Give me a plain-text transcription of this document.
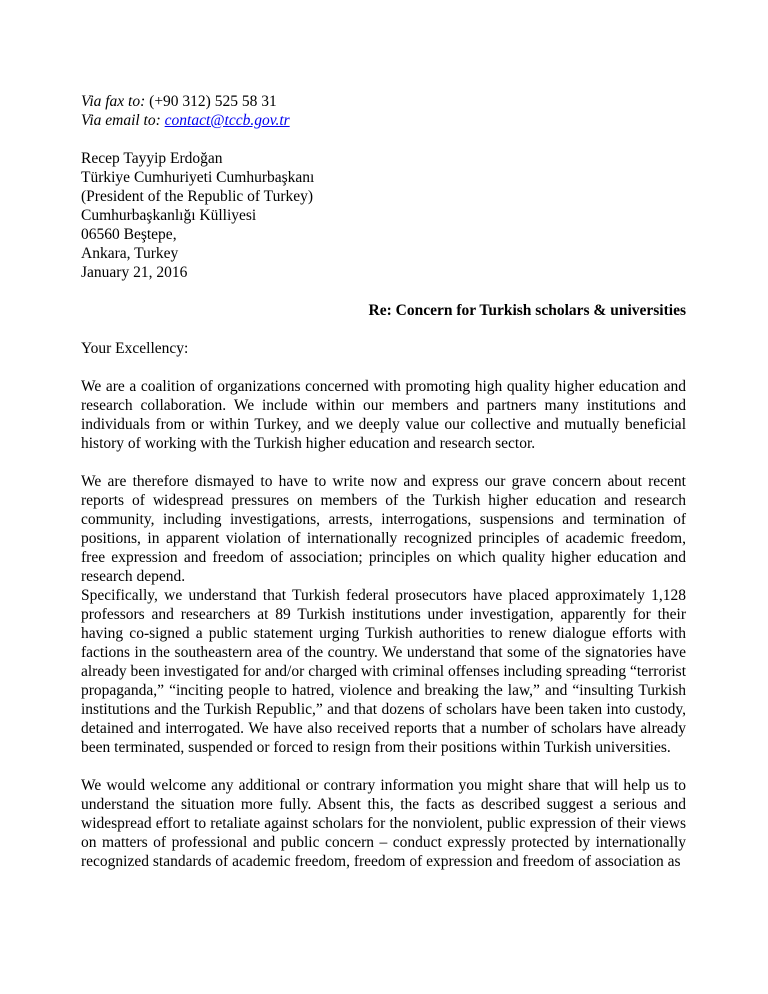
Via fax to: (+90 312) 525 58 31
Via email to: contact@tccb.gov.tr
Recep Tayyip Erdoğan
Türkiye Cumhuriyeti Cumhurbaşkanı
(President of the Republic of Turkey)
Cumhurbaşkanlığı Külliyesi
06560 Beştepe,
Ankara, Turkey
January 21, 2016
Re: Concern for Turkish scholars & universities
Your Excellency:

We are a coalition of organizations concerned with promoting high quality higher education and research collaboration. We include within our members and partners many institutions and individuals from or within Turkey, and we deeply value our collective and mutually beneficial history of working with the Turkish higher education and research sector.

We are therefore dismayed to have to write now and express our grave concern about recent reports of widespread pressures on members of the Turkish higher education and research community, including investigations, arrests, interrogations, suspensions and termination of positions, in apparent violation of internationally recognized principles of academic freedom, free expression and freedom of association; principles on which quality higher education and research depend.

Specifically, we understand that Turkish federal prosecutors have placed approximately 1,128 professors and researchers at 89 Turkish institutions under investigation, apparently for their having co-signed a public statement urging Turkish authorities to renew dialogue efforts with factions in the southeastern area of the country. We understand that some of the signatories have already been investigated for and/or charged with criminal offenses including spreading “terrorist propaganda,” “inciting people to hatred, violence and breaking the law,” and “insulting Turkish institutions and the Turkish Republic,” and that dozens of scholars have been taken into custody, detained and interrogated. We have also received reports that a number of scholars have already been terminated, suspended or forced to resign from their positions within Turkish universities.

We would welcome any additional or contrary information you might share that will help us to understand the situation more fully. Absent this, the facts as described suggest a serious and widespread effort to retaliate against scholars for the nonviolent, public expression of their views on matters of professional and public concern – conduct expressly protected by internationally recognized standards of academic freedom, freedom of expression and freedom of association as
